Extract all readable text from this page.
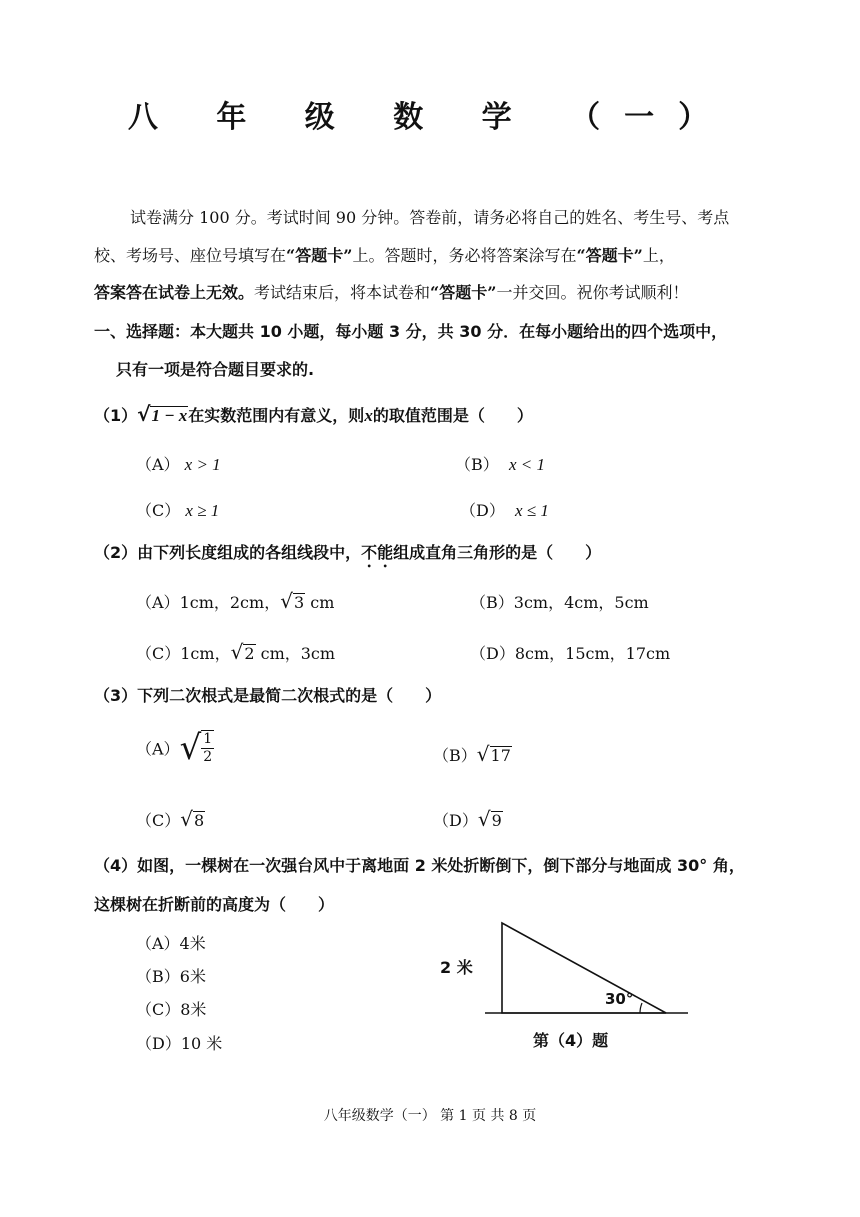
八 年 级 数 学 （一）
试卷满分 100 分。考试时间 90 分钟。答卷前，请务必将自己的姓名、考生号、考点
校、考场号、座位号填写在“答题卡”上。答题时，务必将答案涂写在“答题卡”上，
答案答在试卷上无效。考试结束后，将本试卷和“答题卡”一并交回。祝你考试顺利！
一、选择题：本大题共 10 小题，每小题 3 分，共 30 分．在每小题给出的四个选项中，
只有一项是符合题目要求的.
（1）√1 − x在实数范围内有意义，则x的取值范围是（　　）
（A） x > 1	（B） x < 1
（C） x ≥ 1	（D） x ≤ 1
（2）由下列长度组成的各组线段中，不能组成直角三角形的是（　　）
（A）1cm，2cm，√3 cm	（B）3cm，4cm，5cm
（C）1cm，√2 cm，3cm	（D）8cm，15cm，17cm
（3）下列二次根式是最简二次根式的是（　　）
$(A)√ \frac{1}{2}$	（B）√17
（C）√8	（D）√9
（4）如图，一棵树在一次强台风中于离地面 2 米处折断倒下，倒下部分与地面成 30° 角，
这棵树在折断前的高度为（　　）
（A）4米
（B）6米
（C）8米
（D）10 米
2 米
30°
第（4）题
八年级数学（一） 第 1 页 共 8 页
